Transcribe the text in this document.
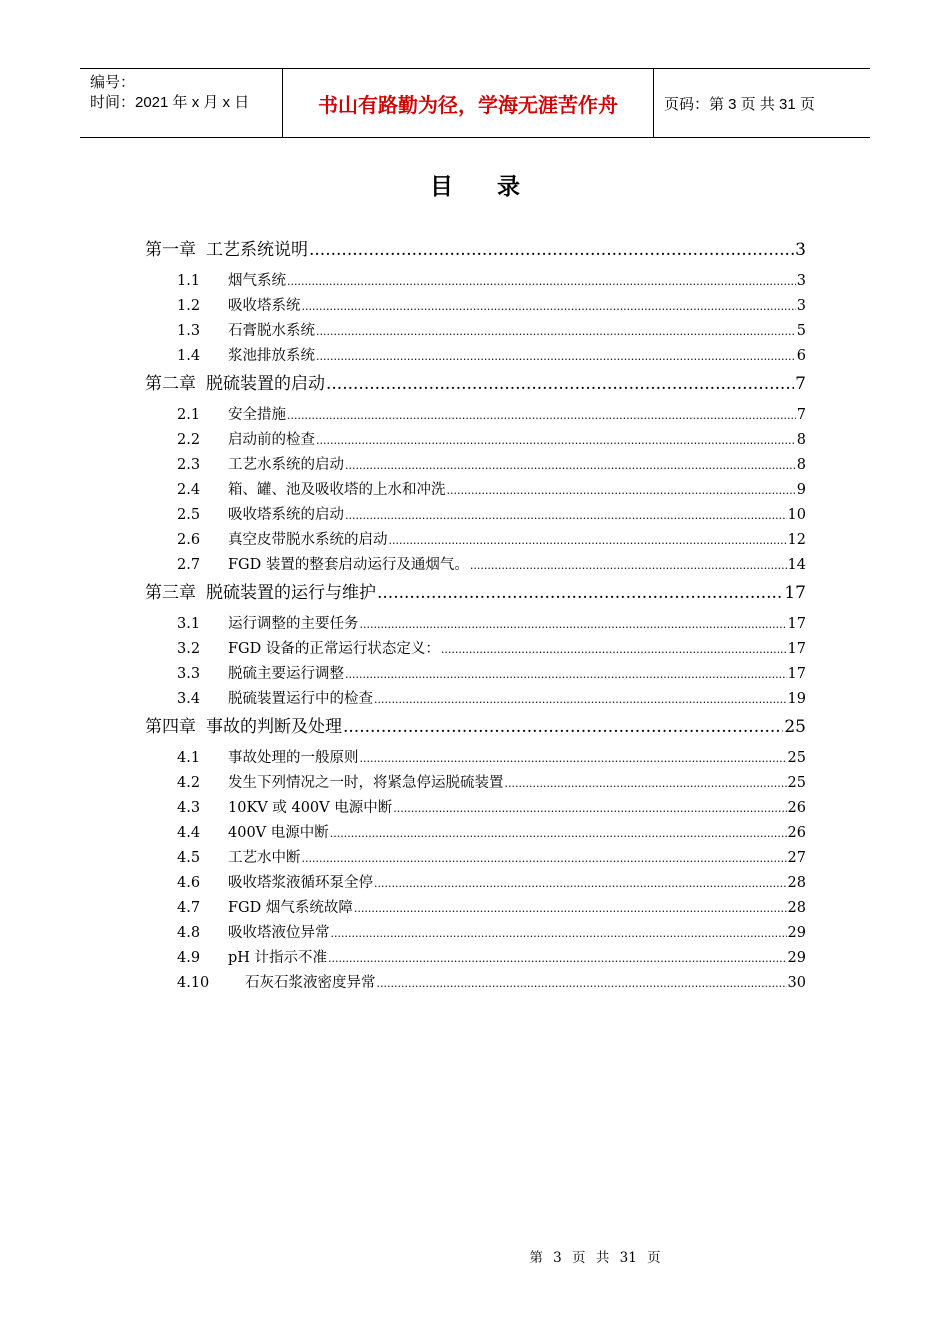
编号：
时间：2021 年 x 月 x 日	书山有路勤为径，学海无涯苦作舟	页码：第 3 页 共 31 页
目录
第一章 工艺系统说明 .....	3
1.1	烟气系统 .....	3
1.2	吸收塔系统 .....	3
1.3	石膏脱水系统 .....	5
1.4	浆池排放系统 .....	6
第二章 脱硫装置的启动 .....	7
2.1	安全措施 .....	7
2.2	启动前的检查 .....	8
2.3	工艺水系统的启动 .....	8
2.4	箱、罐、池及吸收塔的上水和冲洗 .....	9
2.5	吸收塔系统的启动 .....	10
2.6	真空皮带脱水系统的启动 .....	12
2.7	FGD 装置的整套启动运行及通烟气。 .....	14
第三章 脱硫装置的运行与维护 .....	17
3.1	运行调整的主要任务 .....	17
3.2	FGD 设备的正常运行状态定义： .....	17
3.3	脱硫主要运行调整 .....	17
3.4	脱硫装置运行中的检查 .....	19
第四章 事故的判断及处理 .....	25
4.1	事故处理的一般原则 .....	25
4.2	发生下列情况之一时，将紧急停运脱硫装置 .....	25
4.3	10KV 或 400V 电源中断 .....	26
4.4	400V 电源中断 .....	26
4.5	工艺水中断 .....	27
4.6	吸收塔浆液循环泵全停 .....	28
4.7	FGD 烟气系统故障 .....	28
4.8	吸收塔液位异常 .....	29
4.9	pH 计指示不准 .....	29
4.10	石灰石浆液密度异常 .....	30
第 3 页 共 31 页
